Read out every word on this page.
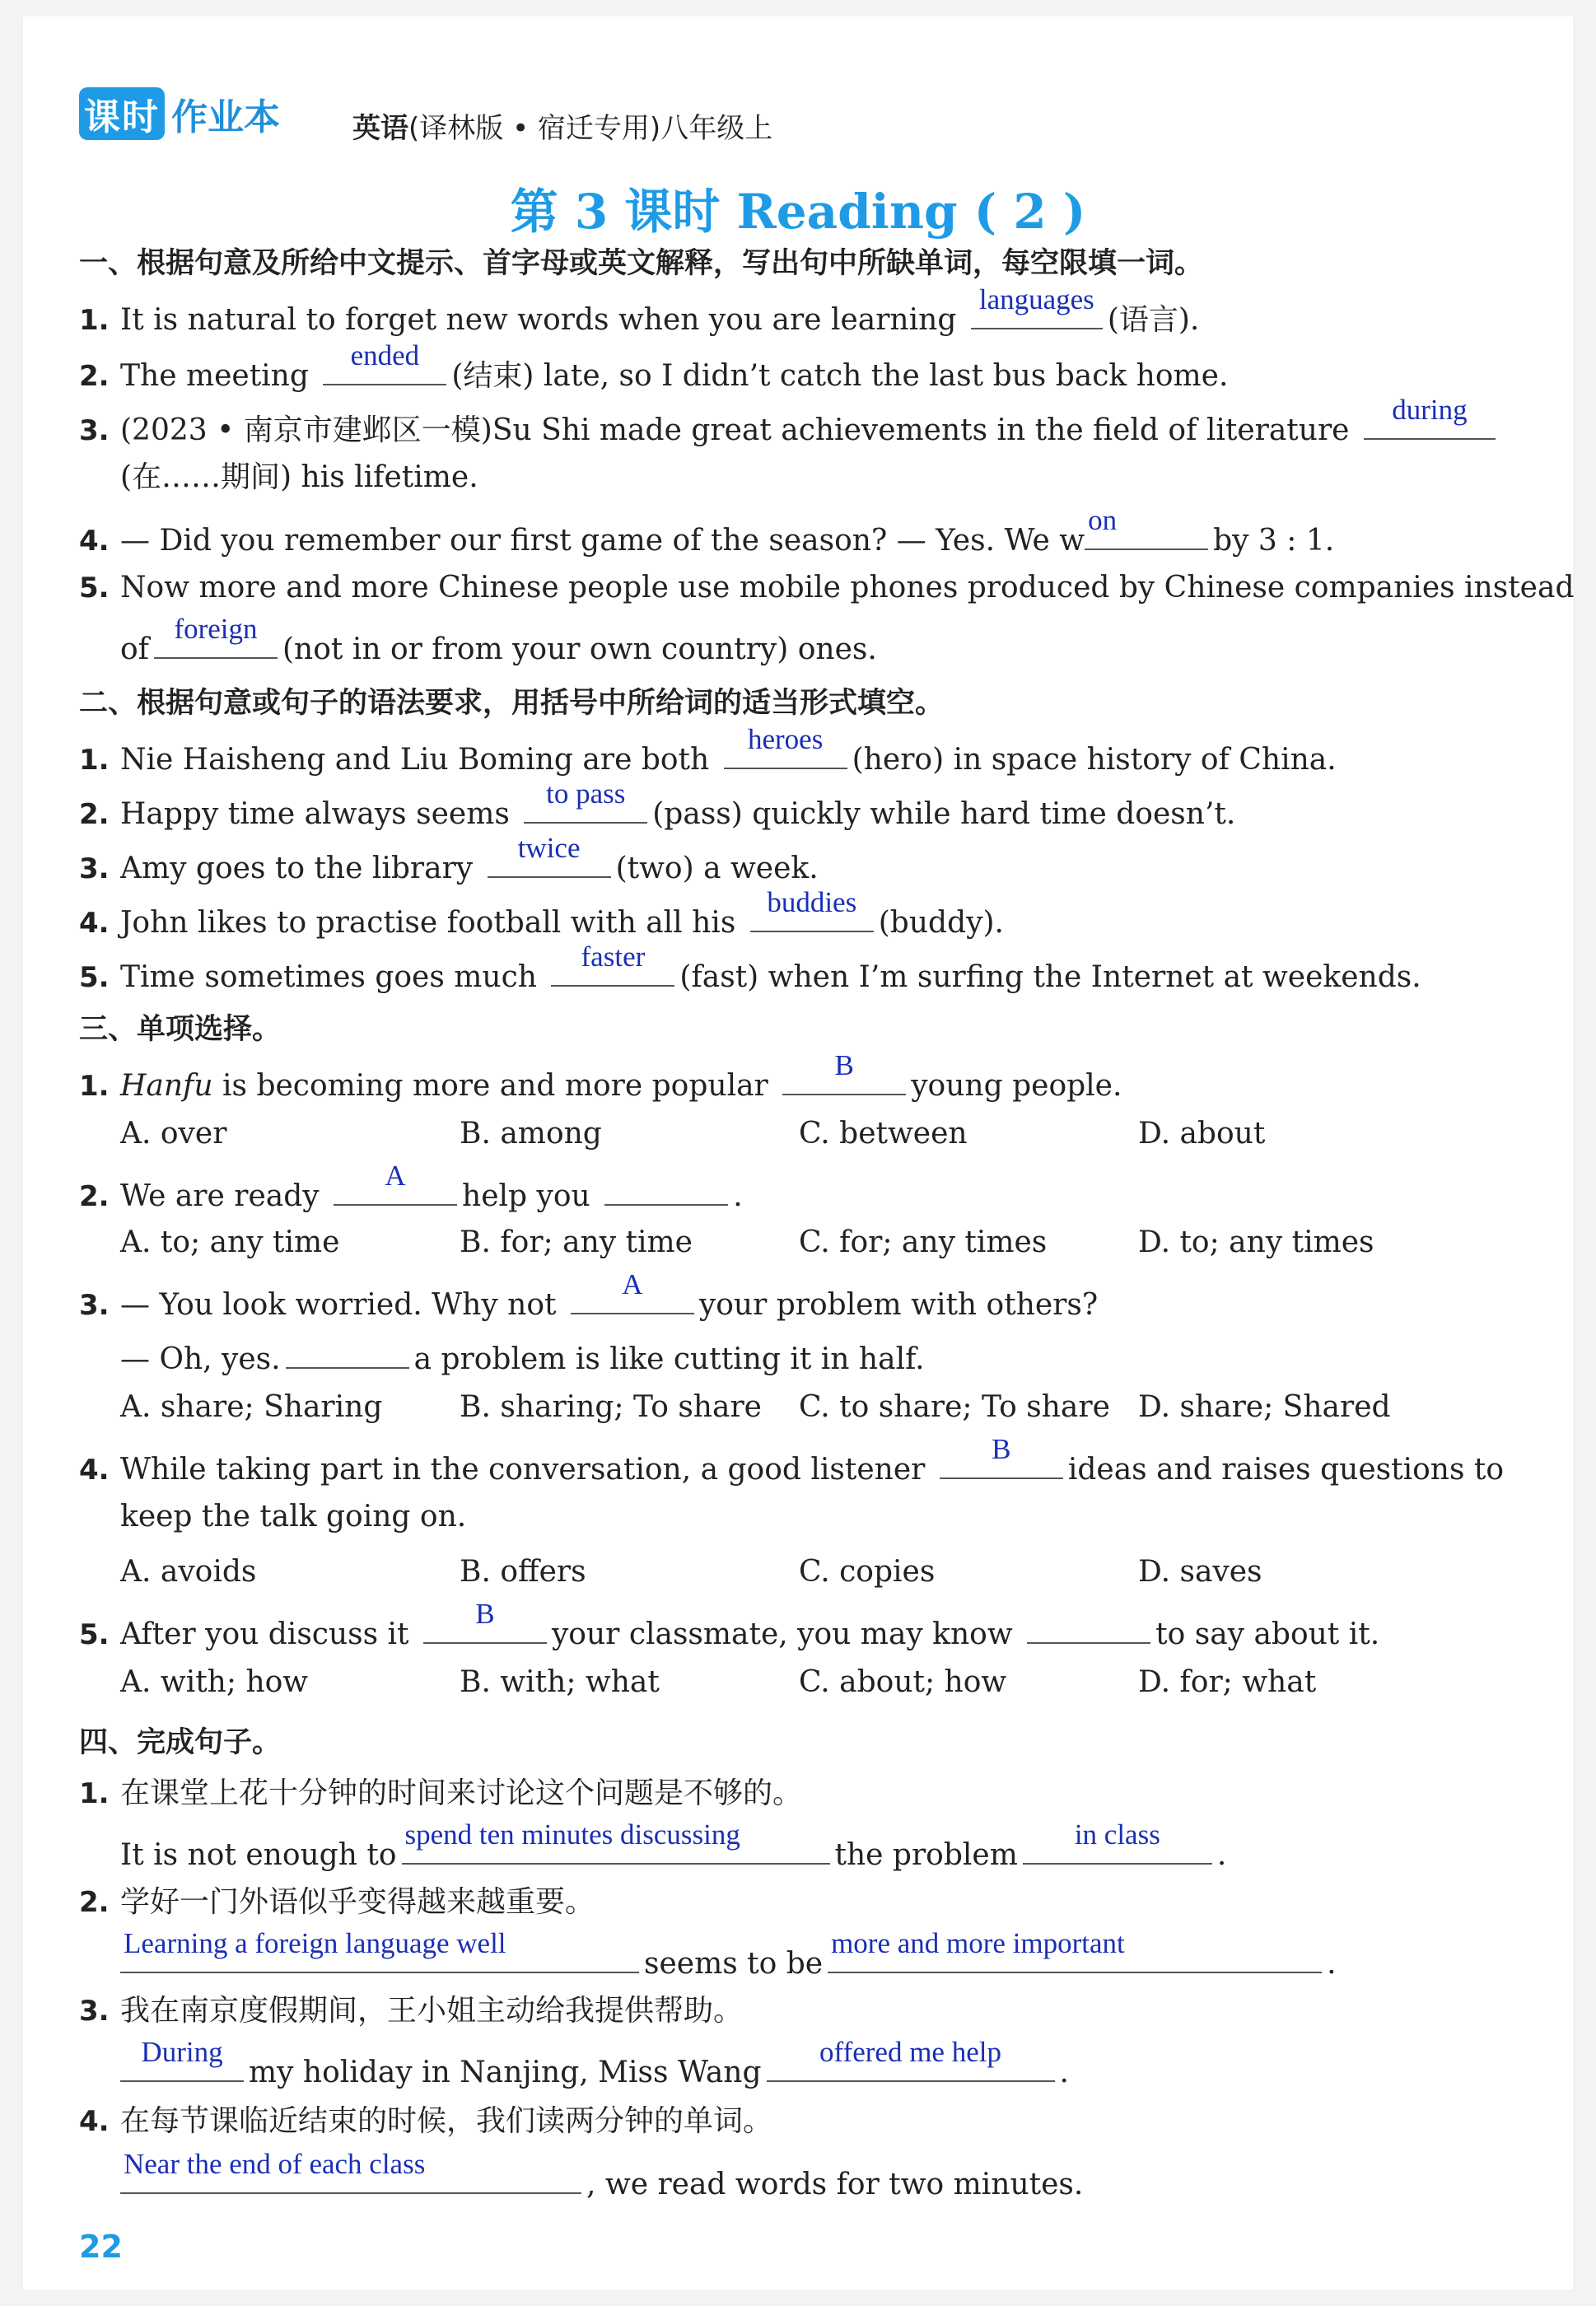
课时 作业本	英语(译林版 • 宿迁专用)八年级上
第 3 课时 Reading ( 2 )
一、根据句意及所给中文提示、首字母或英文解释，写出句中所缺单词，每空限填一词。
1. It is natural to forget new words when you are learning
languages
(语言).
2. The meeting
ended
(结束) late, so I didn’t catch the last bus back home.
3. (2023 • 南京市建邺区一模)Su Shi made great achievements in the field of literature
during
(在……期间) his lifetime.
4. — Did you remember our first game of the season? — Yes. We w
on
by 3 : 1.
5. Now more and more Chinese people use mobile phones produced by Chinese companies instead
of
foreign
(not in or from your own country) ones.
二、根据句意或句子的语法要求，用括号中所给词的适当形式填空。
1. Nie Haisheng and Liu Boming are both
heroes
(hero) in space history of China.
2. Happy time always seems
to pass
(pass) quickly while hard time doesn’t.
3. Amy goes to the library
twice
(two) a week.
4. John likes to practise football with all his
buddies
(buddy).
5. Time sometimes goes much
faster
(fast) when I’m surfing the Internet at weekends.
三、单项选择。
1. Hanfu is becoming more and more popular
B
young people.
A. over	B. among	C. between	D. about
2. We are ready
A
help you	.
A. to; any time	B. for; any time	C. for; any times	D. to; any times
3. — You look worried. Why not
A
your problem with others?
— Oh, yes.	a problem is like cutting it in half.
A. share; Sharing	B. sharing; To share C. to share; To share D. share; Shared
4. While taking part in the conversation, a good listener
B
ideas and raises questions to
keep the talk going on.
A. avoids	B. offers	C. copies	D. saves
5. After you discuss it
B
your classmate, you may know	to say about it.
A. with; how	B. with; what	C. about; how	D. for; what
四、完成句子。
1. 在课堂上花十分钟的时间来讨论这个问题是不够的。
It is not enough to
spend ten minutes discussing
the problem
in class
.
2. 学好一门外语似乎变得越来越重要。
Learning a foreign language well
seems to be
more and more important
.
3. 我在南京度假期间，王小姐主动给我提供帮助。
During
my holiday in Nanjing, Miss Wang
offered me help
.
4. 在每节课临近结束的时候，我们读两分钟的单词。
Near the end of each class
, we read words for two minutes.
22
